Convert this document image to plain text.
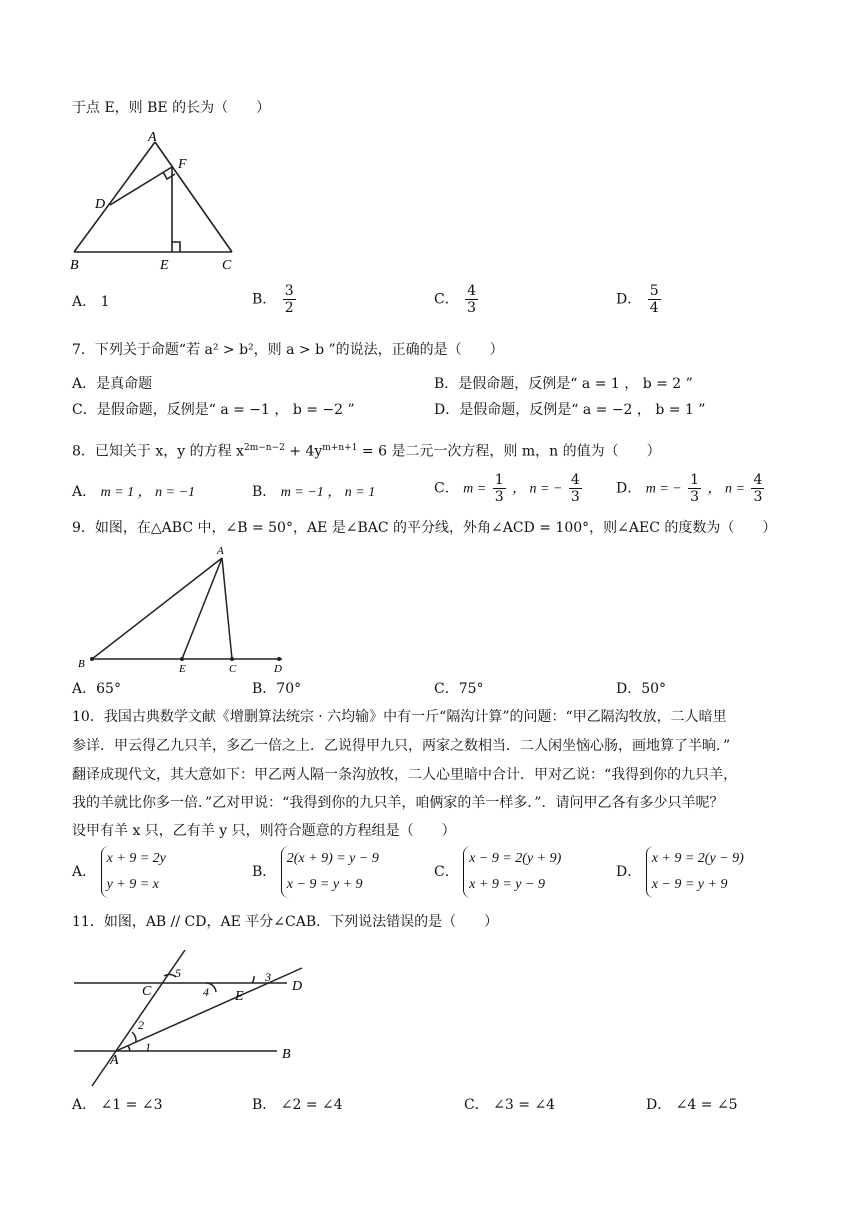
于点 E，则 BE 的长为（　　）
A
F
D
B	E	C
A． 1	B． $\frac{3}{2}$	C． $\frac{4}{3}$	D． $\frac{5}{4}$
7．下列关于命题“若 a² > b²，则 a > b ”的说法，正确的是（　　）
A．是真命题	B．是假命题，反例是“ a = 1 ， b = 2 ”
C．是假命题，反例是“ a = −1 ， b = −2 ”	D．是假命题，反例是“ a = −2 ， b = 1 ”
8．已知关于 x，y 的方程 $x^{2m-n-2} + 4y^{m+n+1} = 6$ 是二元一次方程，则 m，n 的值为（　　）
A． m = 1 ， n = −1	B． m = −1 ， n = 1	C． $m = \frac{1}{3}$ ， n = − $\frac{4}{3}$ D． m = − $\frac{1}{3}$ ， $n = \frac{4}{3}$
9．如图，在△ABC 中，∠B = 50°，AE 是∠BAC 的平分线，外角∠ACD = 100°，则∠AEC 的度数为（　　）
A
B	E	C	D
A．65°	B．70°	C．75°	D．50°
10．我国古典数学文献《增删算法统宗 · 六均输》中有一斤“隔沟计算”的问题：“甲乙隔沟牧放，二人暗里
参详．甲云得乙九只羊，多乙一倍之上．乙说得甲九只，两家之数相当．二人闲坐恼心肠，画地算了半晌．”
翻译成现代文，其大意如下：甲乙两人隔一条沟放牧，二人心里暗中合计．甲对乙说：“我得到你的九只羊，
我的羊就比你多一倍．”乙对甲说：“我得到你的九只羊，咱俩家的羊一样多．”．请问甲乙各有多少只羊呢？
设甲有羊 x 只，乙有羊 y 只，则符合题意的方程组是（　　）
A．
x + 9 = 2y
y + 9 = x
B．
2(x + 9) = y − 9
x − 9 = y + 9
C．
x − 9 = 2(y + 9)
x + 9 = y − 9
D．
x + 9 = 2(y − 9)
x − 9 = y + 9
11．如图，AB // CD，AE 平分∠CAB．下列说法错误的是（　　）
C	D
E
A	B
5
4
3
2
1
A． ∠1 = ∠3	B． ∠2 = ∠4	C． ∠3 = ∠4	D． ∠4 = ∠5
